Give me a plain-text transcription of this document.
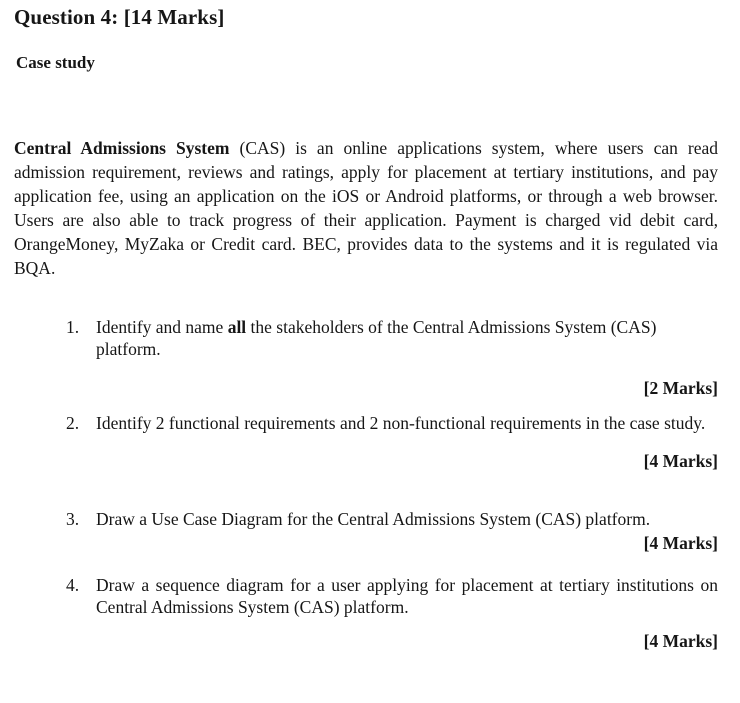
Question 4: [14 Marks]
Case study

Central Admissions System (CAS) is an online applications system, where users can read admission requirement, reviews and ratings, apply for placement at tertiary institutions, and pay application fee, using an application on the iOS or Android platforms, or through a web browser. Users are also able to track progress of their application. Payment is charged vid debit card, OrangeMoney, MyZaka or Credit card. BEC, provides data to the systems and it is regulated via BQA.

1. Identify and name all the stakeholders of the Central Admissions System (CAS) platform.
[2 Marks]
2. Identify 2 functional requirements and 2 non-functional requirements in the case study.
[4 Marks]
3. Draw a Use Case Diagram for the Central Admissions System (CAS) platform.
[4 Marks]
4. Draw a sequence diagram for a user applying for placement at tertiary institutions on Central Admissions System (CAS) platform.
[4 Marks]
